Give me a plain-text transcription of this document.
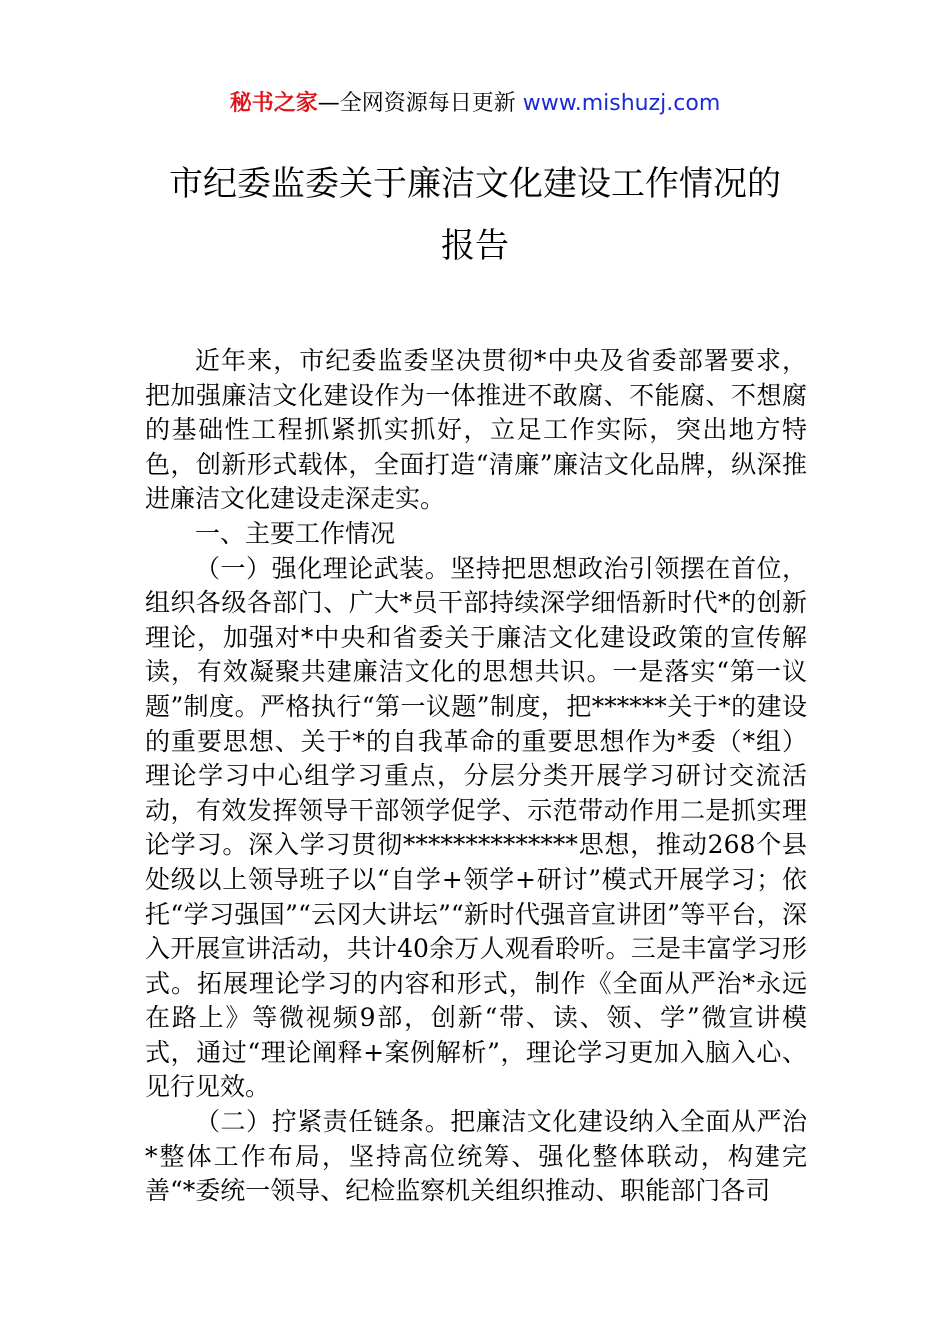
秘书之家—全网资源每日更新 www.mishuzj.com
市纪委监委关于廉洁文化建设工作情况的
报告

近年来，市纪委监委坚决贯彻*中央及省委部署要求，把加强廉洁文化建设作为一体推进不敢腐、不能腐、不想腐的基础性工程抓紧抓实抓好，立足工作实际，突出地方特色，创新形式载体，全面打造“清廉”廉洁文化品牌，纵深推进廉洁文化建设走深走实。

一、主要工作情况

（一）强化理论武装。坚持把思想政治引领摆在首位，组织各级各部门、广大*员干部持续深学细悟新时代*的创新理论，加强对*中央和省委关于廉洁文化建设政策的宣传解读，有效凝聚共建廉洁文化的思想共识。一是落实“第一议题”制度。严格执行“第一议题”制度，把******关于*的建设的重要思想、关于*的自我革命的重要思想作为*委（*组）理论学习中心组学习重点，分层分类开展学习研讨交流活动，有效发挥领导干部领学促学、示范带动作用二是抓实理论学习。深入学习贯彻**************思想，推动268个县处级以上领导班子以“自学+领学+研讨”模式开展学习；依托“学习强国”“云冈大讲坛”“新时代强音宣讲团”等平台，深入开展宣讲活动，共计40余万人观看聆听。三是丰富学习形式。拓展理论学习的内容和形式，制作《全面从严治*永远在路上》等微视频9部，创新“带、读、领、学”微宣讲模式，通过“理论阐释+案例解析”，理论学习更加入脑入心、见行见效。

（二）拧紧责任链条。把廉洁文化建设纳入全面从严治*整体工作布局，坚持高位统筹、强化整体联动，构建完善“*委统一领导、纪检监察机关组织推动、职能部门各司
